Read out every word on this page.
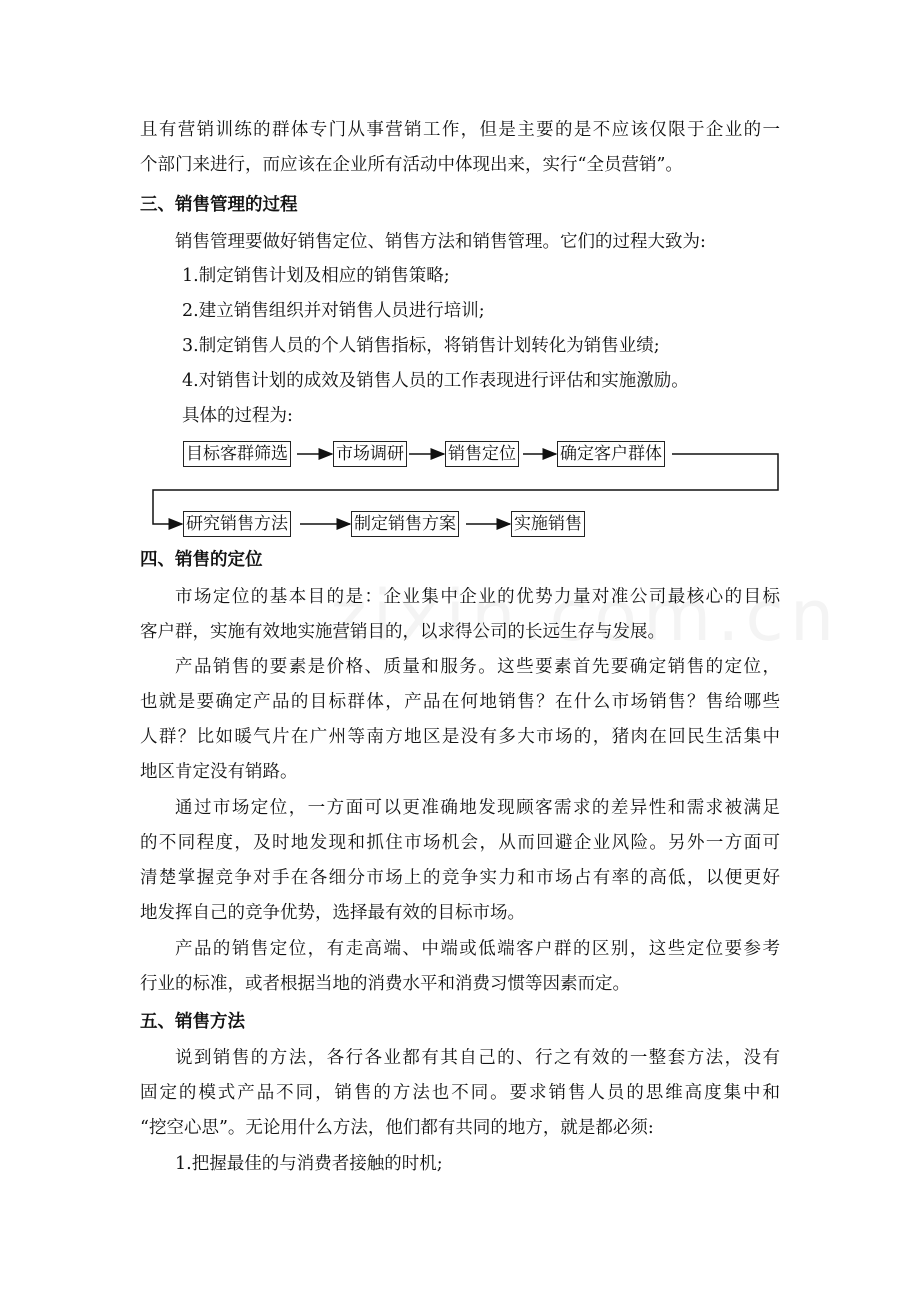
且有营销训练的群体专门从事营销工作，但是主要的是不应该仅限于企业的一
个部门来进行，而应该在企业所有活动中体现出来，实行“全员营销”。
三、销售管理的过程
销售管理要做好销售定位、销售方法和销售管理。它们的过程大致为:
1.制定销售计划及相应的销售策略;
2.建立销售组织并对销售人员进行培训;
3.制定销售人员的个人销售指标，将销售计划转化为销售业绩;
4.对销售计划的成效及销售人员的工作表现进行评估和实施激励。
具体的过程为:
目标客群筛选	市场调研	销售定位	确定客户群体
研究销售方法	制定销售方案	实施销售
四、销售的定位
市场定位的基本目的是：企业集中企业的优势力量对准公司最核心的目标
客户群，实施有效地实施营销目的，以求得公司的长远生存与发展。
产品销售的要素是价格、质量和服务。这些要素首先要确定销售的定位，
也就是要确定产品的目标群体，产品在何地销售？在什么市场销售？售给哪些
人群？比如暖气片在广州等南方地区是没有多大市场的，猪肉在回民生活集中
地区肯定没有销路。
通过市场定位，一方面可以更准确地发现顾客需求的差异性和需求被满足
的不同程度，及时地发现和抓住市场机会，从而回避企业风险。另外一方面可
清楚掌握竞争对手在各细分市场上的竞争实力和市场占有率的高低，以便更好
地发挥自己的竞争优势，选择最有效的目标市场。
产品的销售定位，有走高端、中端或低端客户群的区别，这些定位要参考
行业的标准，或者根据当地的消费水平和消费习惯等因素而定。
五、销售方法
说到销售的方法，各行各业都有其自己的、行之有效的一整套方法，没有
固定的模式产品不同，销售的方法也不同。要求销售人员的思维高度集中和
“挖空心思”。无论用什么方法，他们都有共同的地方，就是都必须:
1.把握最佳的与消费者接触的时机;
